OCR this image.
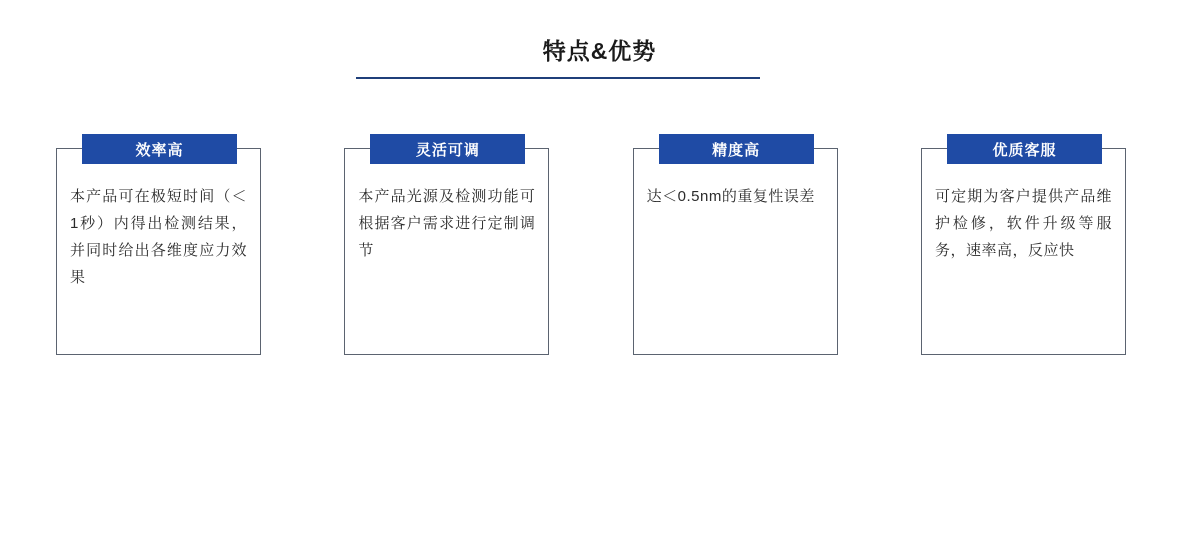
特点&优势
效率高
本产品可在极短时间（＜1秒）内得出检测结果，并同时给出各维度应力效果
灵活可调
本产品光源及检测功能可根据客户需求进行定制调节
精度高
达＜0.5nm的重复性误差
优质客服
可定期为客户提供产品维护检修，软件升级等服务，速率高，反应快
